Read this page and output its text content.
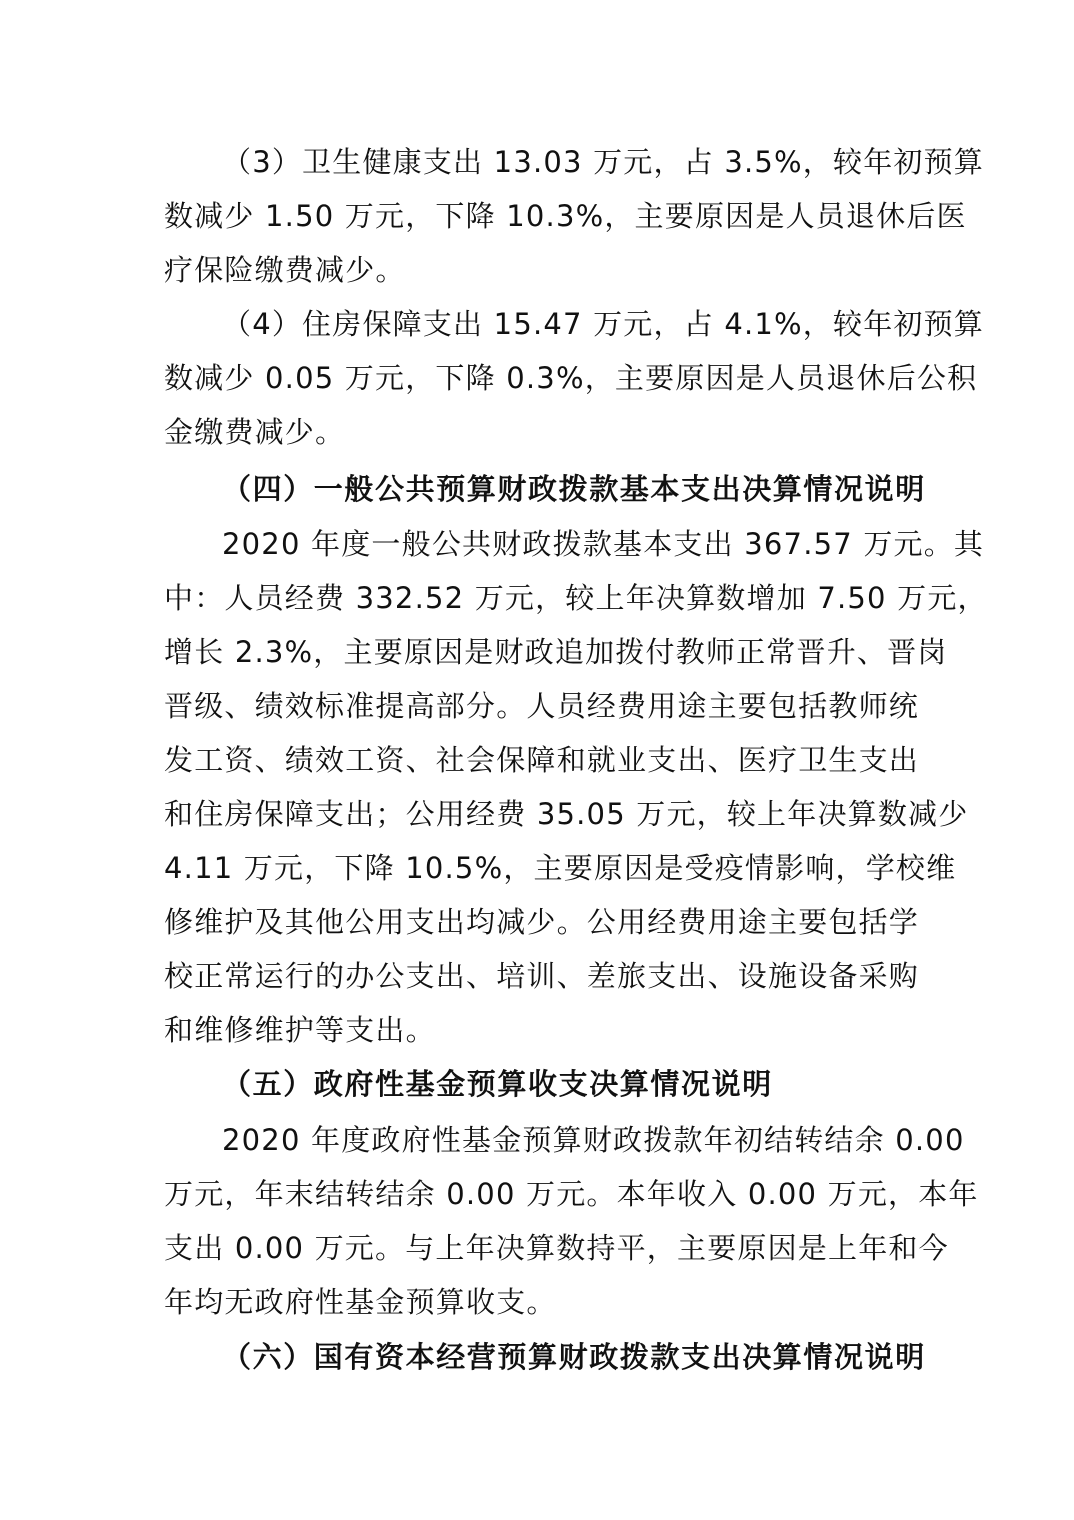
（3）卫生健康支出 13.03 万元，占 3.5%，较年初预算
数减少 1.50 万元，下降 10.3%，主要原因是人员退休后医
疗保险缴费减少。
（4）住房保障支出 15.47 万元，占 4.1%，较年初预算
数减少 0.05 万元，下降 0.3%，主要原因是人员退休后公积
金缴费减少。
（四）一般公共预算财政拨款基本支出决算情况说明
2020 年度一般公共财政拨款基本支出 367.57 万元。其
中：人员经费 332.52 万元，较上年决算数增加 7.50 万元，
增长 2.3%，主要原因是财政追加拨付教师正常晋升、晋岗
晋级、绩效标准提高部分。人员经费用途主要包括教师统
发工资、绩效工资、社会保障和就业支出、医疗卫生支出
和住房保障支出；公用经费 35.05 万元，较上年决算数减少
4.11 万元，下降 10.5%，主要原因是受疫情影响，学校维
修维护及其他公用支出均减少。公用经费用途主要包括学
校正常运行的办公支出、培训、差旅支出、设施设备采购
和维修维护等支出。
（五）政府性基金预算收支决算情况说明
2020 年度政府性基金预算财政拨款年初结转结余 0.00
万元，年末结转结余 0.00 万元。本年收入 0.00 万元，本年
支出 0.00 万元。与上年决算数持平，主要原因是上年和今
年均无政府性基金预算收支。
（六）国有资本经营预算财政拨款支出决算情况说明
